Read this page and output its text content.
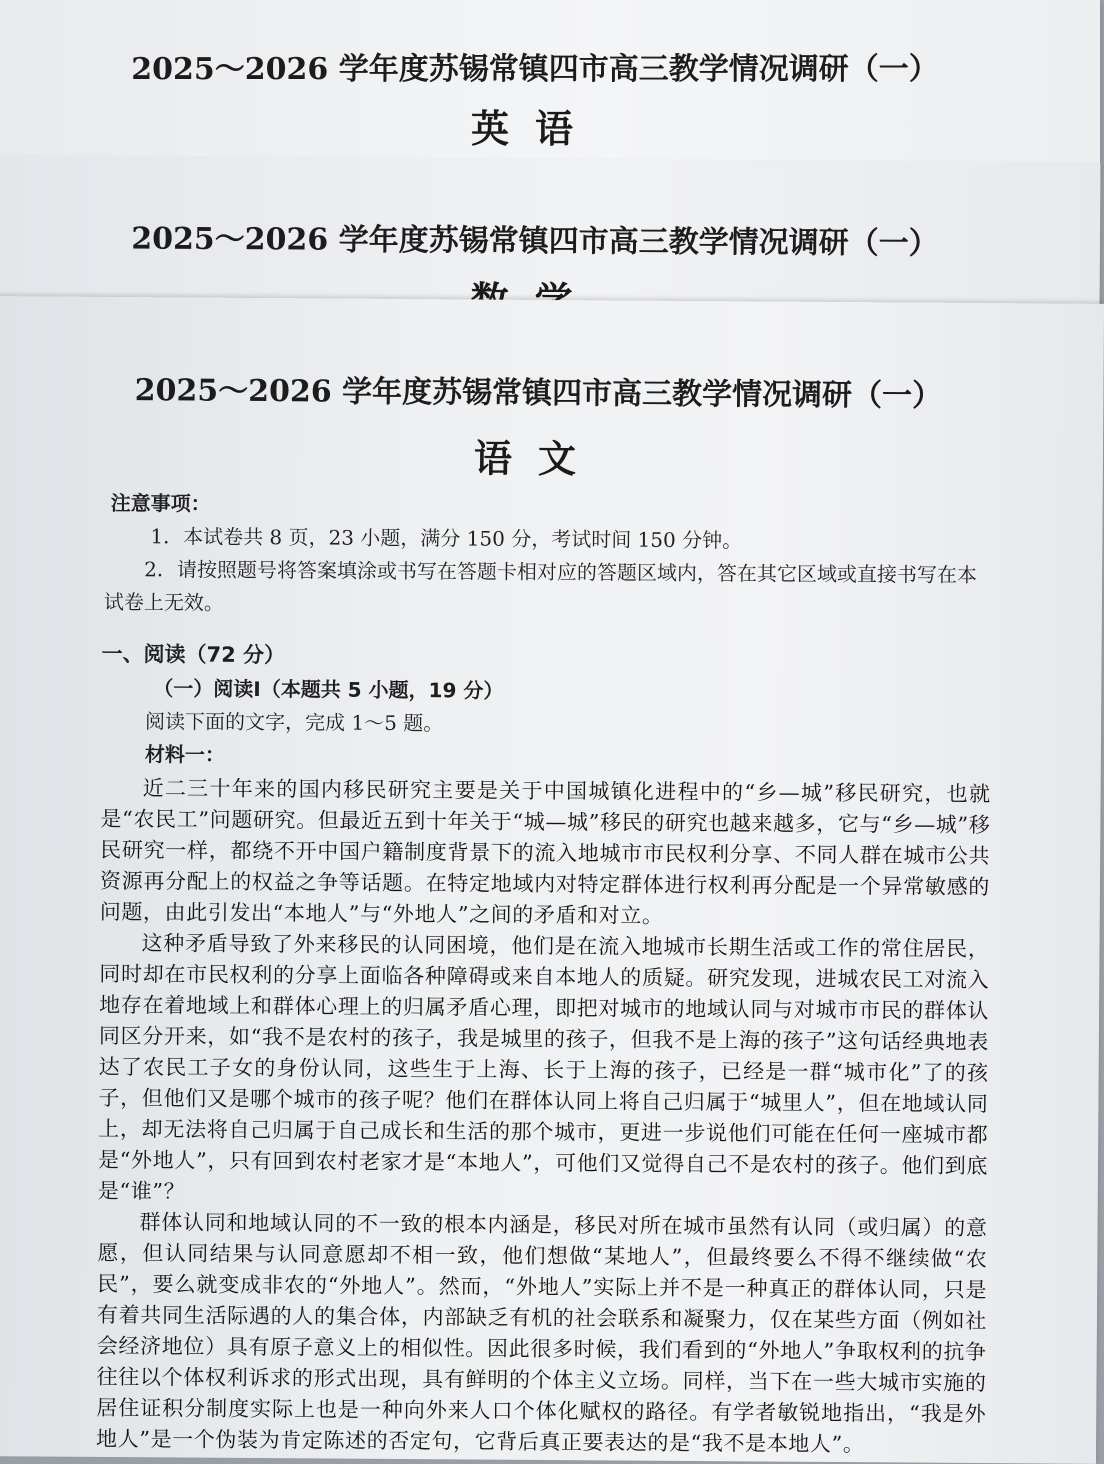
2025～2026 学年度苏锡常镇四市高三教学情况调研（一）
英语
2025～2026 学年度苏锡常镇四市高三教学情况调研（一）
2025～2026 学年度苏锡常镇四市高三教学情况调研（一）
语文
注意事项：
1．本试卷共 8 页，23 小题，满分 150 分，考试时间 150 分钟。
2．请按照题号将答案填涂或书写在答题卡相对应的答题区域内，答在其它区域或直接书写在本试卷上无效。
一、阅读（72 分）
（一）阅读Ⅰ（本题共 5 小题，19 分）
阅读下面的文字，完成 1～5 题。
材料一：

近二三十年来的国内移民研究主要是关于中国城镇化进程中的“乡—城”移民研究，也就是“农民工”问题研究。但最近五到十年关于“城—城”移民的研究也越来越多，它与“乡—城”移民研究一样，都绕不开中国户籍制度背景下的流入地城市市民权利分享、不同人群在城市公共资源再分配上的权益之争等话题。在特定地域内对特定群体进行权利再分配是一个异常敏感的问题，由此引发出“本地人”与“外地人”之间的矛盾和对立。

这种矛盾导致了外来移民的认同困境，他们是在流入地城市长期生活或工作的常住居民，同时却在市民权利的分享上面临各种障碍或来自本地人的质疑。研究发现，进城农民工对流入地存在着地域上和群体心理上的归属矛盾心理，即把对城市的地域认同与对城市市民的群体认同区分开来，如“我不是农村的孩子，我是城里的孩子，但我不是上海的孩子”这句话经典地表达了农民工子女的身份认同，这些生于上海、长于上海的孩子，已经是一群“城市化”了的孩子，但他们又是哪个城市的孩子呢？他们在群体认同上将自己归属于“城里人”，但在地域认同上，却无法将自己归属于自己成长和生活的那个城市，更进一步说他们可能在任何一座城市都是“外地人”，只有回到农村老家才是“本地人”，可他们又觉得自己不是农村的孩子。他们到底是“谁”？

群体认同和地域认同的不一致的根本内涵是，移民对所在城市虽然有认同（或归属）的意愿，但认同结果与认同意愿却不相一致，他们想做“某地人”，但最终要么不得不继续做“农民”，要么就变成非农的“外地人”。然而，“外地人”实际上并不是一种真正的群体认同，只是有着共同生活际遇的人的集合体，内部缺乏有机的社会联系和凝聚力，仅在某些方面（例如社会经济地位）具有原子意义上的相似性。因此很多时候，我们看到的“外地人”争取权利的抗争往往以个体权利诉求的形式出现，具有鲜明的个体主义立场。同样，当下在一些大城市实施的居住证积分制度实际上也是一种向外来人口个体化赋权的路径。有学者敏锐地指出，“我是外地人”是一个伪装为肯定陈述的否定句，它背后真正要表达的是“我不是本地人”。
